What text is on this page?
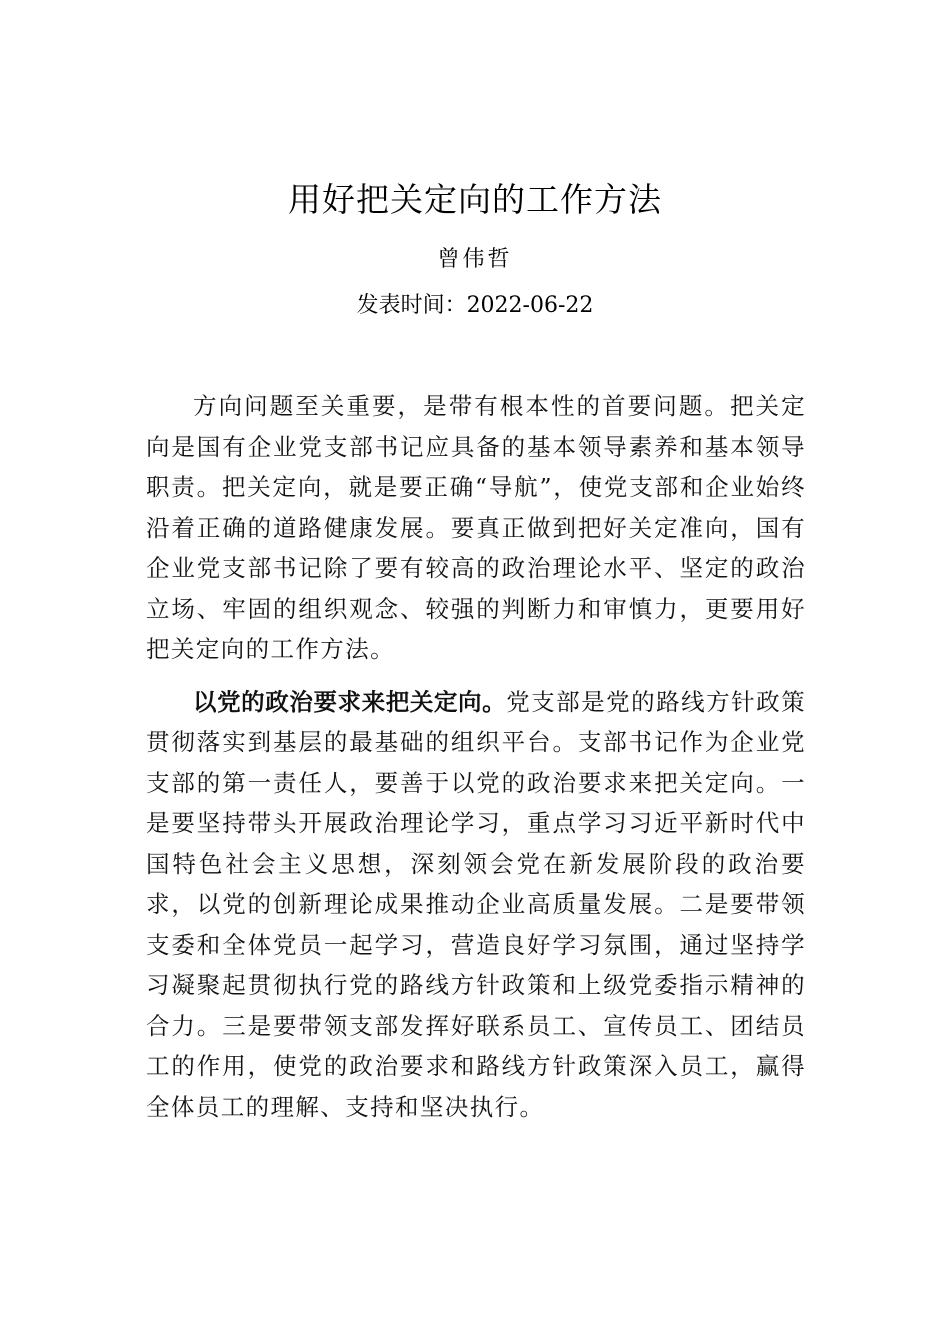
用好把关定向的工作方法
曾伟哲
发表时间：2022-06-22

方向问题至关重要，是带有根本性的首要问题。把关定向是国有企业党支部书记应具备的基本领导素养和基本领导职责。把关定向，就是要正确“导航”，使党支部和企业始终沿着正确的道路健康发展。要真正做到把好关定准向，国有企业党支部书记除了要有较高的政治理论水平、坚定的政治立场、牢固的组织观念、较强的判断力和审慎力，更要用好把关定向的工作方法。

以党的政治要求来把关定向。党支部是党的路线方针政策贯彻落实到基层的最基础的组织平台。支部书记作为企业党支部的第一责任人，要善于以党的政治要求来把关定向。一是要坚持带头开展政治理论学习，重点学习习近平新时代中国特色社会主义思想，深刻领会党在新发展阶段的政治要求，以党的创新理论成果推动企业高质量发展。二是要带领支委和全体党员一起学习，营造良好学习氛围，通过坚持学习凝聚起贯彻执行党的路线方针政策和上级党委指示精神的合力。三是要带领支部发挥好联系员工、宣传员工、团结员工的作用，使党的政治要求和路线方针政策深入员工，赢得全体员工的理解、支持和坚决执行。
